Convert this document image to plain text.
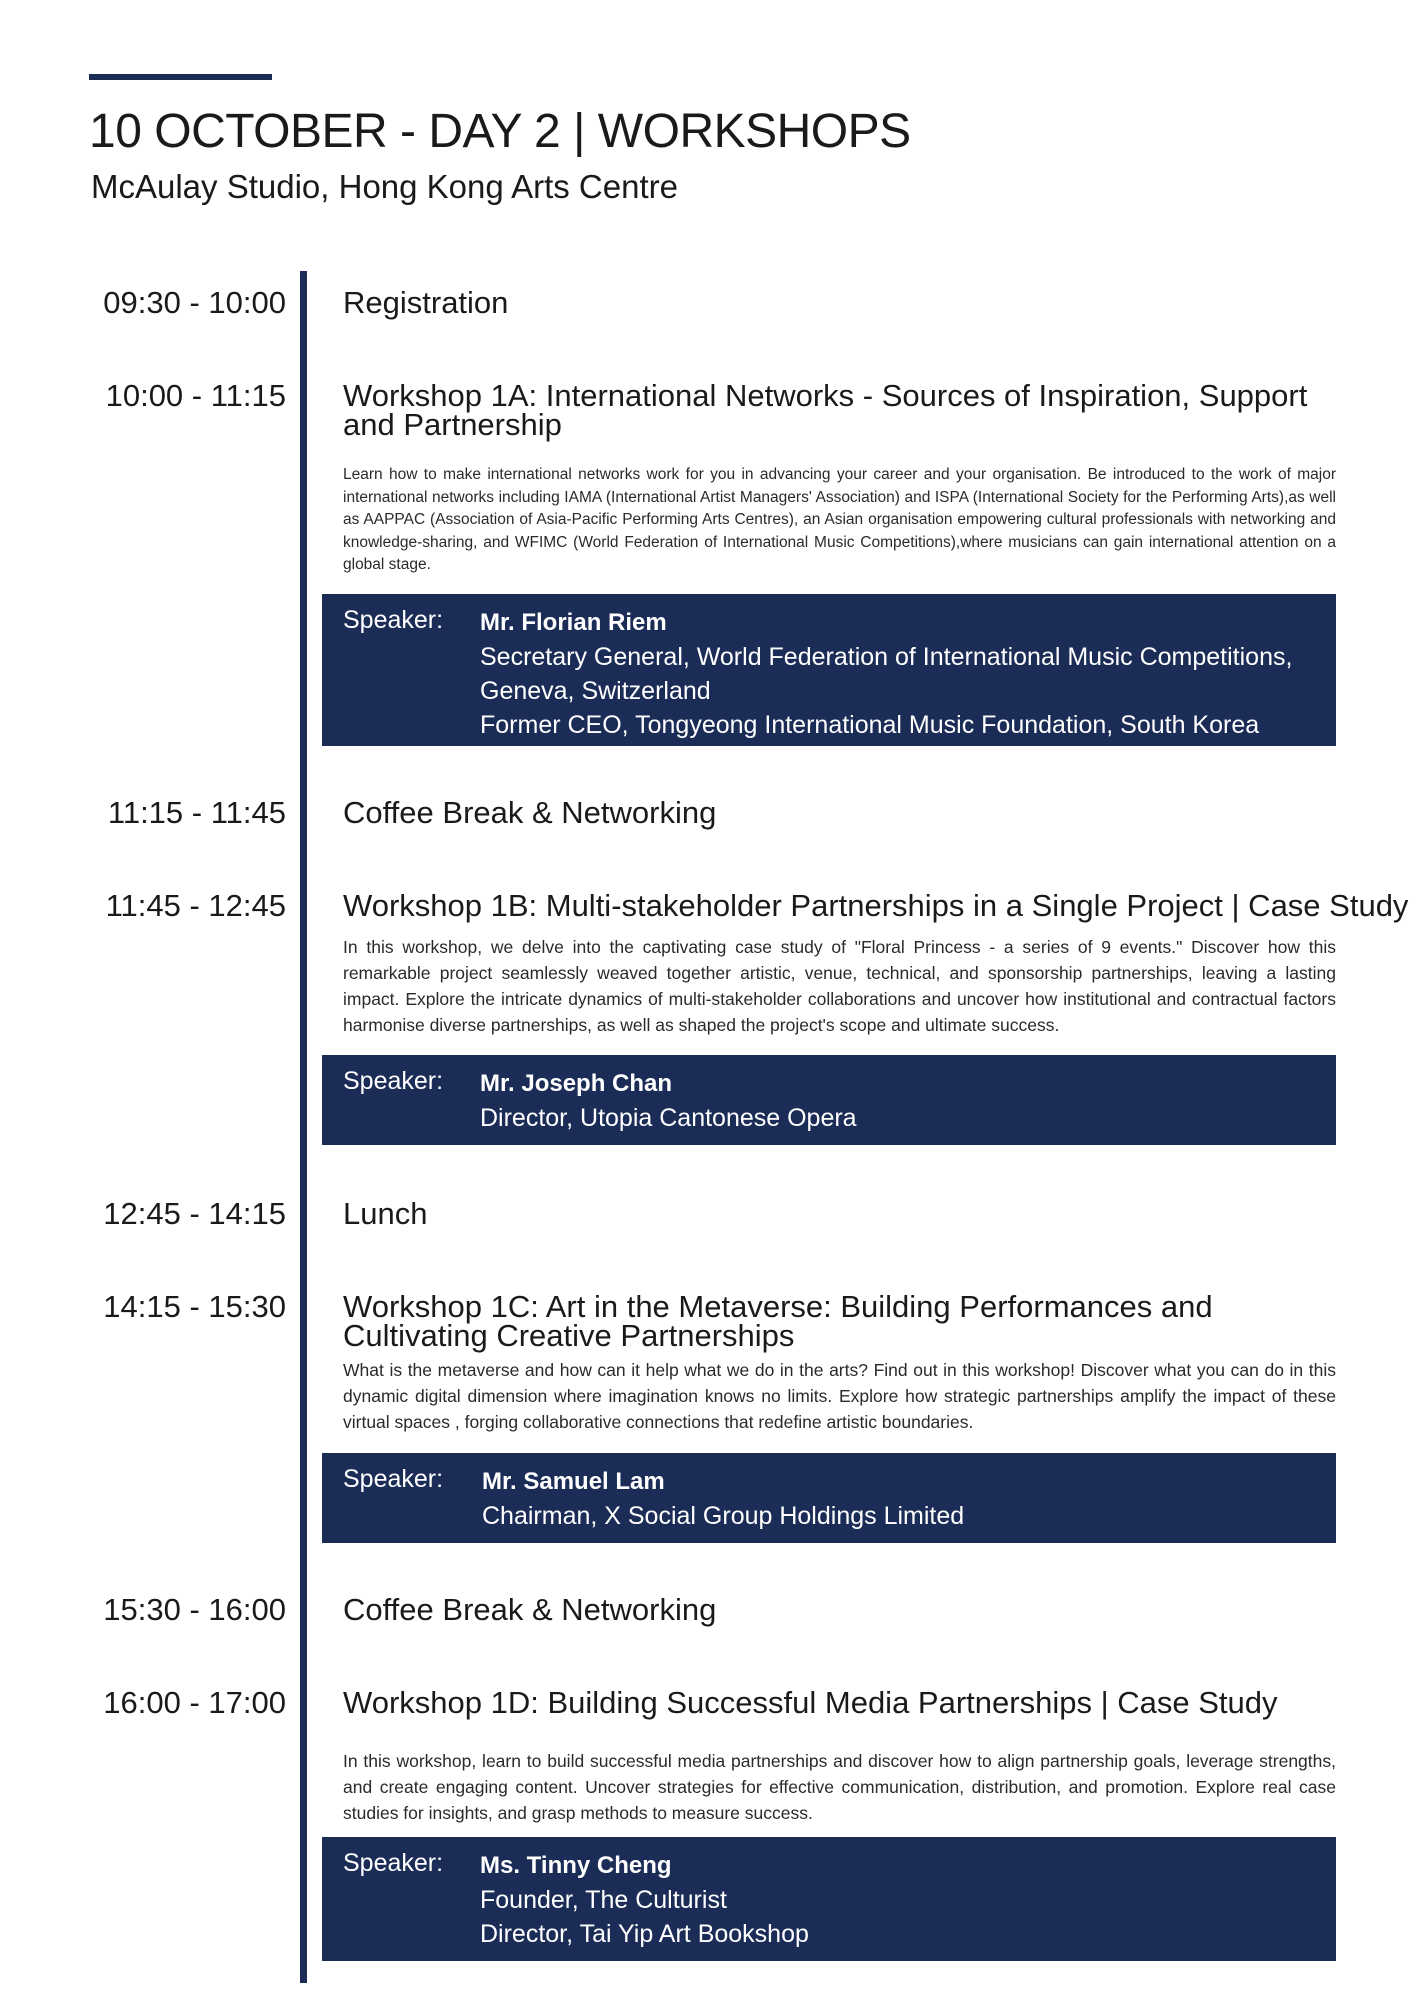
10 OCTOBER - DAY 2 | WORKSHOPS
McAulay Studio, Hong Kong Arts Centre
09:30 - 10:00 Registration
10:00 - 11:15 Workshop 1A: International Networks - Sources of Inspiration, Support and Partnership
Learn how to make international networks work for you in advancing your career and your organisation. Be introduced to the work of major international networks including IAMA (International Artist Managers' Association) and ISPA (International Society for the Performing Arts),as well as AAPPAC (Association of Asia-Pacific Performing Arts Centres), an Asian organisation empowering cultural professionals with networking and knowledge-sharing, and WFIMC (World Federation of International Music Competitions),where musicians can gain international attention on a global stage.
Speaker: Mr. Florian Riem
Secretary General, World Federation of International Music Competitions, Geneva, Switzerland
Former CEO, Tongyeong International Music Foundation, South Korea
11:15 - 11:45 Coffee Break & Networking
11:45 - 12:45 Workshop 1B: Multi-stakeholder Partnerships in a Single Project | Case Study
In this workshop, we delve into the captivating case study of "Floral Princess - a series of 9 events." Discover how this remarkable project seamlessly weaved together artistic, venue, technical, and sponsorship partnerships, leaving a lasting impact. Explore the intricate dynamics of multi-stakeholder collaborations and uncover how institutional and contractual factors harmonise diverse partnerships, as well as shaped the project's scope and ultimate success.
Speaker: Mr. Joseph Chan
Director, Utopia Cantonese Opera
12:45 - 14:15 Lunch
14:15 - 15:30 Workshop 1C: Art in the Metaverse: Building Performances and Cultivating Creative Partnerships
What is the metaverse and how can it help what we do in the arts? Find out in this workshop! Discover what you can do in this dynamic digital dimension where imagination knows no limits. Explore how strategic partnerships amplify the impact of these virtual spaces , forging collaborative connections that redefine artistic boundaries.
Speaker: Mr. Samuel Lam
Chairman, X Social Group Holdings Limited
15:30 - 16:00 Coffee Break & Networking
16:00 - 17:00 Workshop 1D: Building Successful Media Partnerships | Case Study
In this workshop, learn to build successful media partnerships and discover how to align partnership goals, leverage strengths, and create engaging content. Uncover strategies for effective communication, distribution, and promotion. Explore real case studies for insights, and grasp methods to measure success.
Speaker: Ms. Tinny Cheng
Founder, The Culturist
Director, Tai Yip Art Bookshop
